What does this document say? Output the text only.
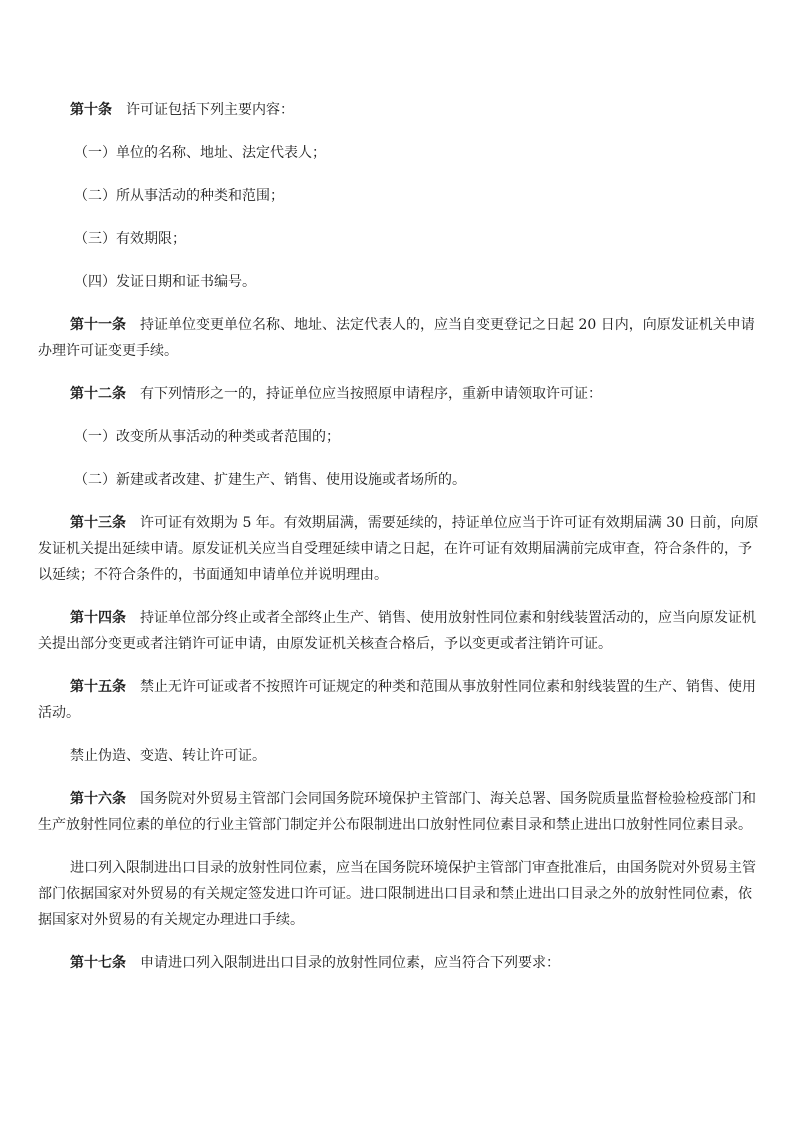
第十条 许可证包括下列主要内容：

（一）单位的名称、地址、法定代表人；

（二）所从事活动的种类和范围；

（三）有效期限；

（四）发证日期和证书编号。

第十一条 持证单位变更单位名称、地址、法定代表人的，应当自变更登记之日起 20 日内，向原发证机关申请办理许可证变更手续。

第十二条 有下列情形之一的，持证单位应当按照原申请程序，重新申请领取许可证：

（一）改变所从事活动的种类或者范围的；

（二）新建或者改建、扩建生产、销售、使用设施或者场所的。

第十三条 许可证有效期为 5 年。有效期届满，需要延续的，持证单位应当于许可证有效期届满 30 日前，向原发证机关提出延续申请。原发证机关应当自受理延续申请之日起，在许可证有效期届满前完成审查，符合条件的，予以延续；不符合条件的，书面通知申请单位并说明理由。

第十四条 持证单位部分终止或者全部终止生产、销售、使用放射性同位素和射线装置活动的，应当向原发证机关提出部分变更或者注销许可证申请，由原发证机关核查合格后，予以变更或者注销许可证。

第十五条 禁止无许可证或者不按照许可证规定的种类和范围从事放射性同位素和射线装置的生产、销售、使用活动。

禁止伪造、变造、转让许可证。

第十六条 国务院对外贸易主管部门会同国务院环境保护主管部门、海关总署、国务院质量监督检验检疫部门和生产放射性同位素的单位的行业主管部门制定并公布限制进出口放射性同位素目录和禁止进出口放射性同位素目录。

进口列入限制进出口目录的放射性同位素，应当在国务院环境保护主管部门审查批准后，由国务院对外贸易主管部门依据国家对外贸易的有关规定签发进口许可证。进口限制进出口目录和禁止进出口目录之外的放射性同位素，依据国家对外贸易的有关规定办理进口手续。

第十七条 申请进口列入限制进出口目录的放射性同位素，应当符合下列要求：
